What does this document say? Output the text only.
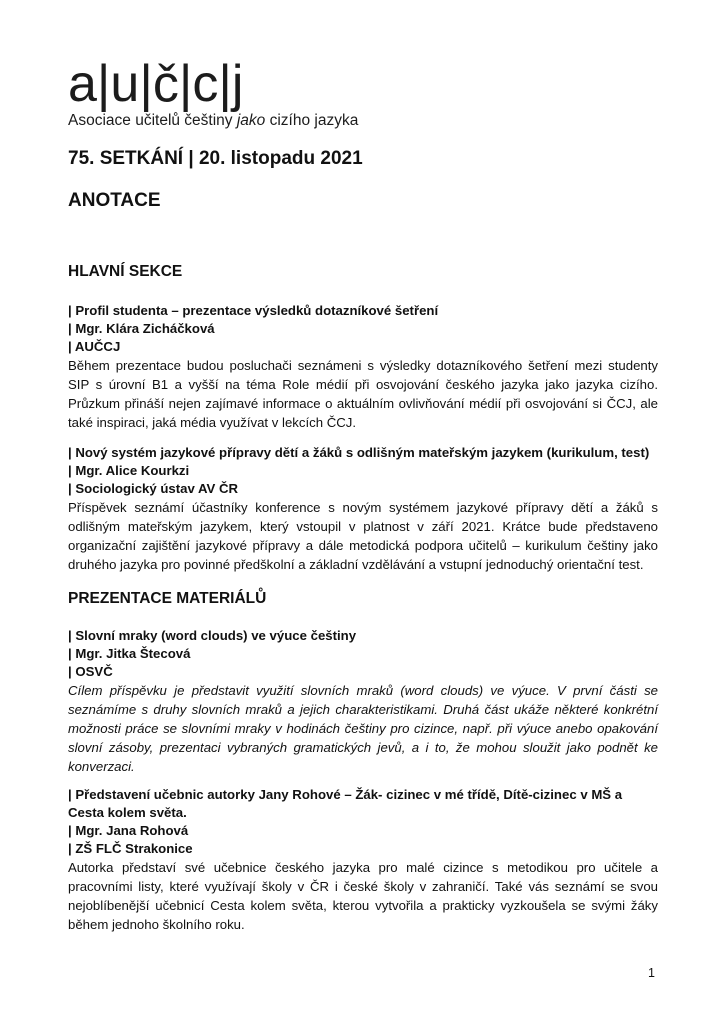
a|u|č|c|j
Asociace učitelů češtiny jako cizího jazyka
75. SETKÁNÍ | 20. listopadu 2021
ANOTACE
HLAVNÍ SEKCE
| Profil studenta – prezentace výsledků dotazníkové šetření
| Mgr. Klára Zicháčková
| AUČCJ

Během prezentace budou posluchači seznámeni s výsledky dotazníkového šetření mezi studenty SIP s úrovní B1 a vyšší na téma Role médií při osvojování českého jazyka jako jazyka cizího. Průzkum přináší nejen zajímavé informace o aktuálním ovlivňování médií při osvojování si ČCJ, ale také inspiraci, jaká média využívat v lekcích ČCJ.

| Nový systém jazykové přípravy dětí a žáků s odlišným mateřským jazykem (kurikulum, test)
| Mgr. Alice Kourkzi
| Sociologický ústav AV ČR

Příspěvek seznámí účastníky konference s novým systémem jazykové přípravy dětí a žáků s odlišným mateřským jazykem, který vstoupil v platnost v září 2021. Krátce bude představeno organizační zajištění jazykové přípravy a dále metodická podpora učitelů – kurikulum češtiny jako druhého jazyka pro povinné předškolní a základní vzdělávání a vstupní jednoduchý orientační test.

PREZENTACE MATERIÁLŮ
| Slovní mraky (word clouds) ve výuce češtiny
| Mgr. Jitka Štecová
| OSVČ

Cílem příspěvku je představit využití slovních mraků (word clouds) ve výuce. V první části se seznámíme s druhy slovních mraků a jejich charakteristikami. Druhá část ukáže některé konkrétní možnosti práce se slovními mraky v hodinách češtiny pro cizince, např. při výuce anebo opakování slovní zásoby, prezentaci vybraných gramatických jevů, a i to, že mohou sloužit jako podnět ke konverzaci.

| Představení učebnic autorky Jany Rohové – Žák- cizinec v mé třídě, Dítě-cizinec v MŠ a Cesta kolem světa.
| Mgr. Jana Rohová
| ZŠ FLČ Strakonice

Autorka představí své učebnice českého jazyka pro malé cizince s metodikou pro učitele a pracovními listy, které využívají školy v ČR i české školy v zahraničí. Také vás seznámí se svou nejoblíbenější učebnicí Cesta kolem světa, kterou vytvořila a prakticky vyzkoušela se svými žáky během jednoho školního roku.

1
